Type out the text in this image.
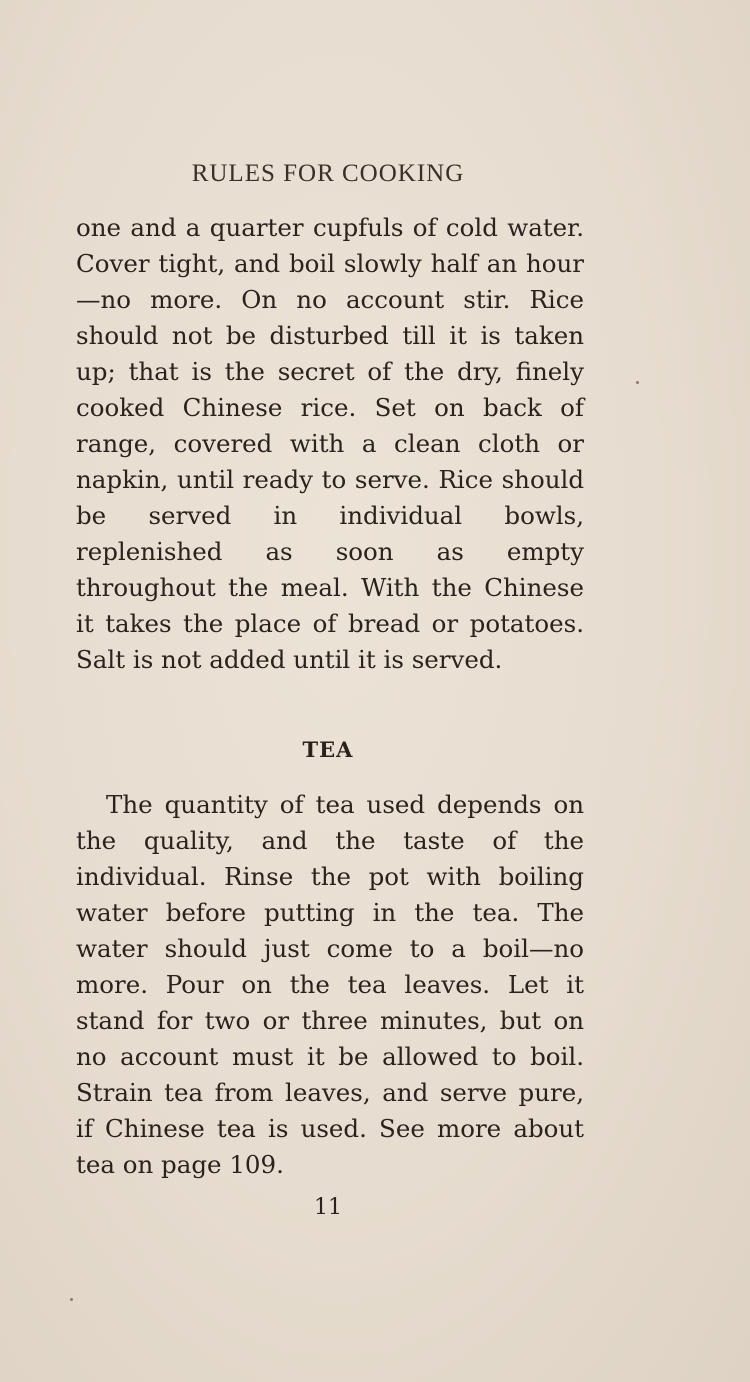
RULES FOR COOKING

one and a quarter cupfuls of cold water. Cover tight, and boil slowly half an hour—no more. On no account stir. Rice should not be disturbed till it is taken up; that is the secret of the dry, finely cooked Chinese rice. Set on back of range, covered with a clean cloth or napkin, until ready to serve. Rice should be served in individual bowls, replenished as soon as empty throughout the meal. With the Chinese it takes the place of bread or potatoes. Salt is not added until it is served.

TEA

The quantity of tea used depends on the quality, and the taste of the individual. Rinse the pot with boiling water before putting in the tea. The water should just come to a boil—no more. Pour on the tea leaves. Let it stand for two or three minutes, but on no account must it be allowed to boil. Strain tea from leaves, and serve pure, if Chinese tea is used. See more about tea on page 109.

11
